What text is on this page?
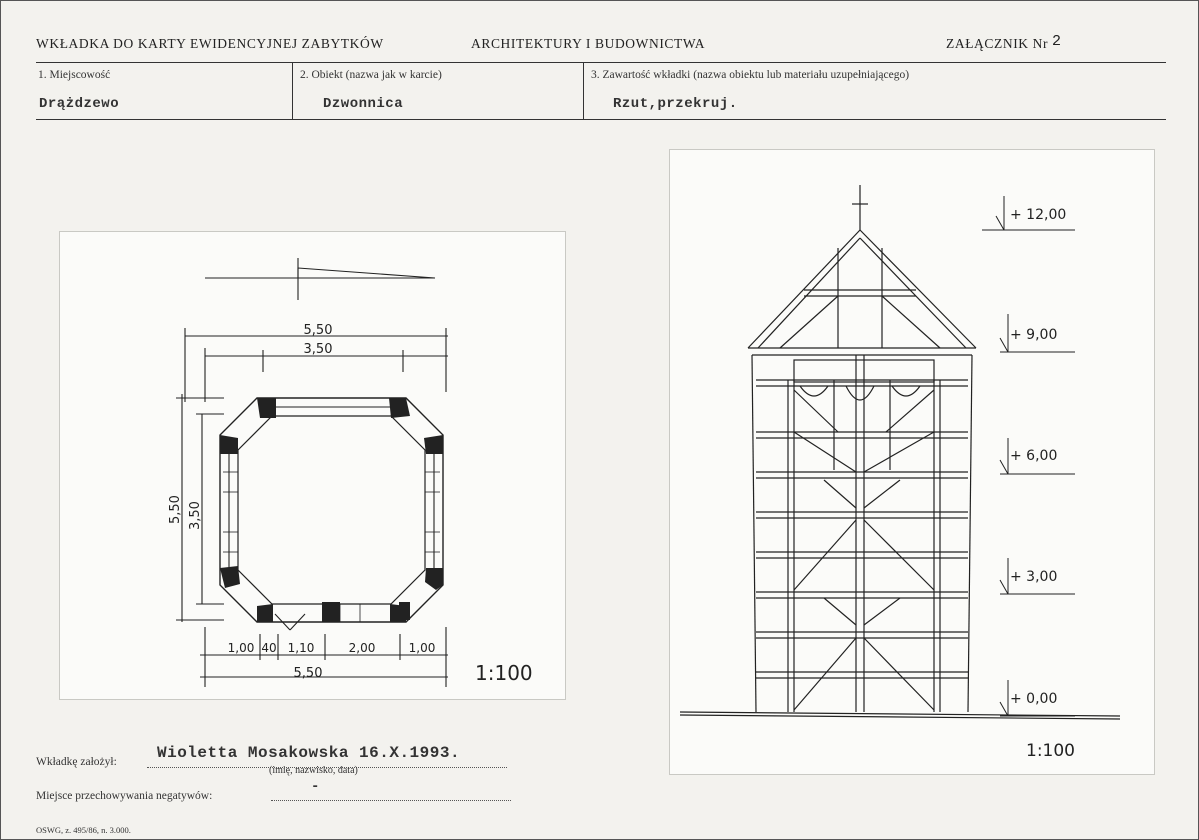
WKŁADKA DO KARTY EWIDENCYJNEJ ZABYTKÓW	ARCHITEKTURY I BUDOWNICTWA	ZAŁĄCZNIK Nr 2
1. Miejscowość
Drążdzewo
2. Obiekt (nazwa jak w karcie)
Dzwonnica
3. Zawartość wkładki (nazwa obiektu lub materiału uzupełniającego)
Rzut,przekruj.
5,50
3,50
5,50 3,50
1,00 40 1,10	2,00	1,00
5,50	1:100
+ 12,00
+ 9,00
+ 6,00
+ 3,00
+ 0,00
1:100
Wkładkę założył:	Wioletta Mosakowska 16.X.1993.
(imię, nazwisko, data)
Miejsce przechowywania negatywów:
-
OSWG, z. 495/86, n. 3.000.
